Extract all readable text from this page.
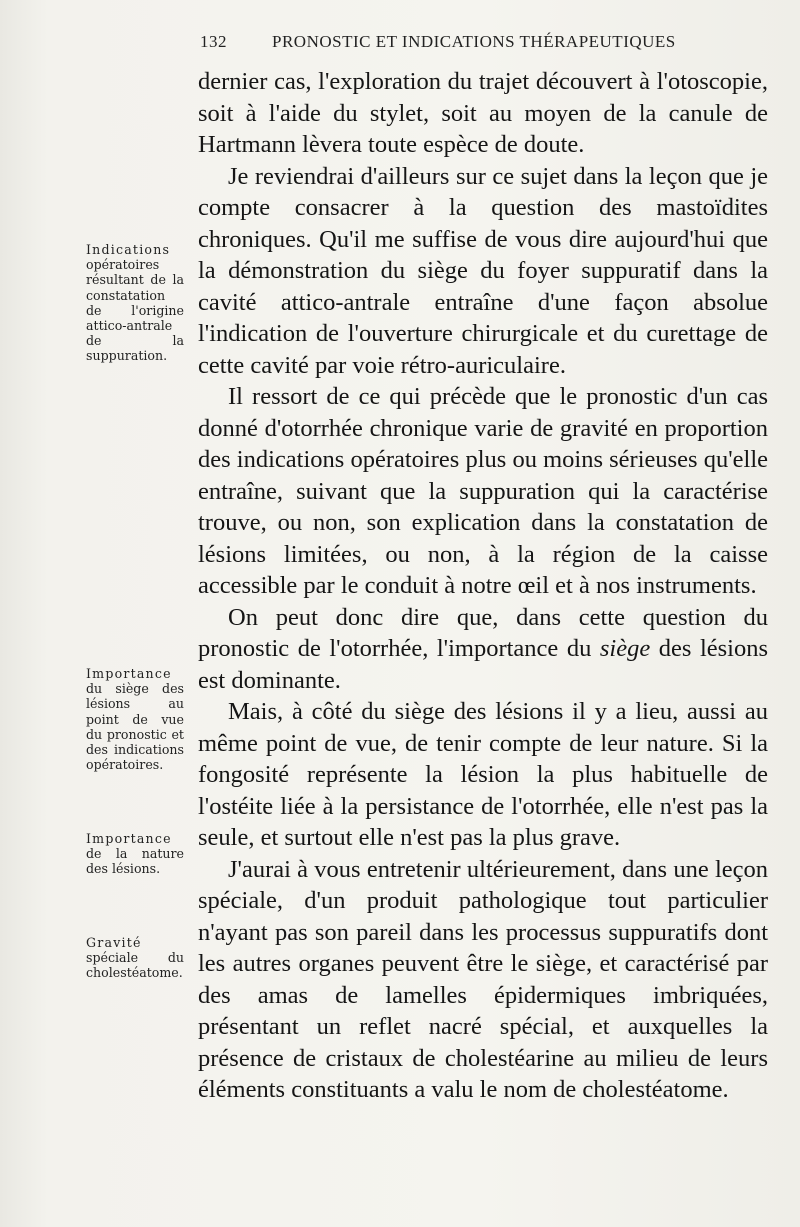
132	PRONOSTIC ET INDICATIONS THÉRAPEUTIQUES
Indications opératoires résultant de la constatation de l'origine attico-antrale de la suppuration.
Importance du siège des lésions au point de vue du pronostic et des indications opératoires.
Importance de la nature des lésions.
Gravité spéciale du cholestéatome.

dernier cas, l'exploration du trajet découvert à l'otoscopie, soit à l'aide du stylet, soit au moyen de la canule de Hartmann lèvera toute espèce de doute.

Je reviendrai d'ailleurs sur ce sujet dans la leçon que je compte consacrer à la question des mastoïdites chroniques. Qu'il me suffise de vous dire aujourd'hui que la démonstration du siège du foyer suppuratif dans la cavité attico-antrale entraîne d'une façon absolue l'indication de l'ouverture chirurgicale et du curettage de cette cavité par voie rétro-auriculaire.

Il ressort de ce qui précède que le pronostic d'un cas donné d'otorrhée chronique varie de gravité en proportion des indications opératoires plus ou moins sérieuses qu'elle entraîne, suivant que la suppuration qui la caractérise trouve, ou non, son explication dans la constatation de lésions limitées, ou non, à la région de la caisse accessible par le conduit à notre œil et à nos instruments.

On peut donc dire que, dans cette question du pronostic de l'otorrhée, l'importance du siège des lésions est dominante.

Mais, à côté du siège des lésions il y a lieu, aussi au même point de vue, de tenir compte de leur nature. Si la fongosité représente la lésion la plus habituelle de l'ostéite liée à la persistance de l'otorrhée, elle n'est pas la seule, et surtout elle n'est pas la plus grave.

J'aurai à vous entretenir ultérieurement, dans une leçon spéciale, d'un produit pathologique tout particulier n'ayant pas son pareil dans les processus suppuratifs dont les autres organes peuvent être le siège, et caractérisé par des amas de lamelles épidermiques imbriquées, présentant un reflet nacré spécial, et auxquelles la présence de cristaux de cholestéarine au milieu de leurs éléments constituants a valu le nom de cholestéatome.
